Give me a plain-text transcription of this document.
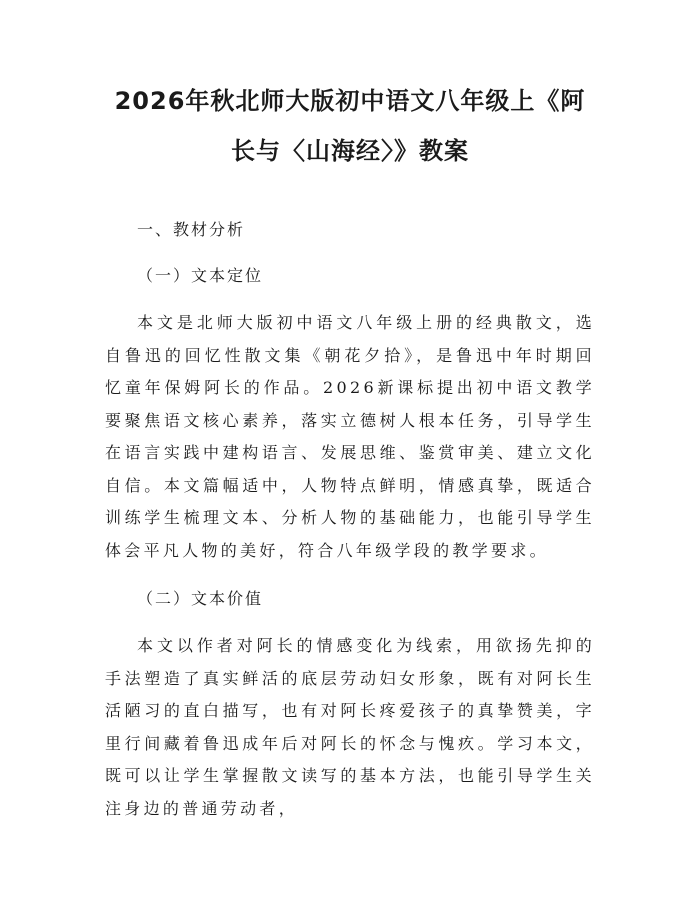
2026年秋北师大版初中语文八年级上《阿长与〈山海经〉》教案
一、教材分析
（一）文本定位

本文是北师大版初中语文八年级上册的经典散文，选自鲁迅的回忆性散文集《朝花夕拾》，是鲁迅中年时期回忆童年保姆阿长的作品。2026新课标提出初中语文教学要聚焦语文核心素养，落实立德树人根本任务，引导学生在语言实践中建构语言、发展思维、鉴赏审美、建立文化自信。本文篇幅适中，人物特点鲜明，情感真挚，既适合训练学生梳理文本、分析人物的基础能力，也能引导学生体会平凡人物的美好，符合八年级学段的教学要求。

（二）文本价值

本文以作者对阿长的情感变化为线索，用欲扬先抑的手法塑造了真实鲜活的底层劳动妇女形象，既有对阿长生活陋习的直白描写，也有对阿长疼爱孩子的真挚赞美，字里行间藏着鲁迅成年后对阿长的怀念与愧疚。学习本文，既可以让学生掌握散文读写的基本方法，也能引导学生关注身边的普通劳动者，
